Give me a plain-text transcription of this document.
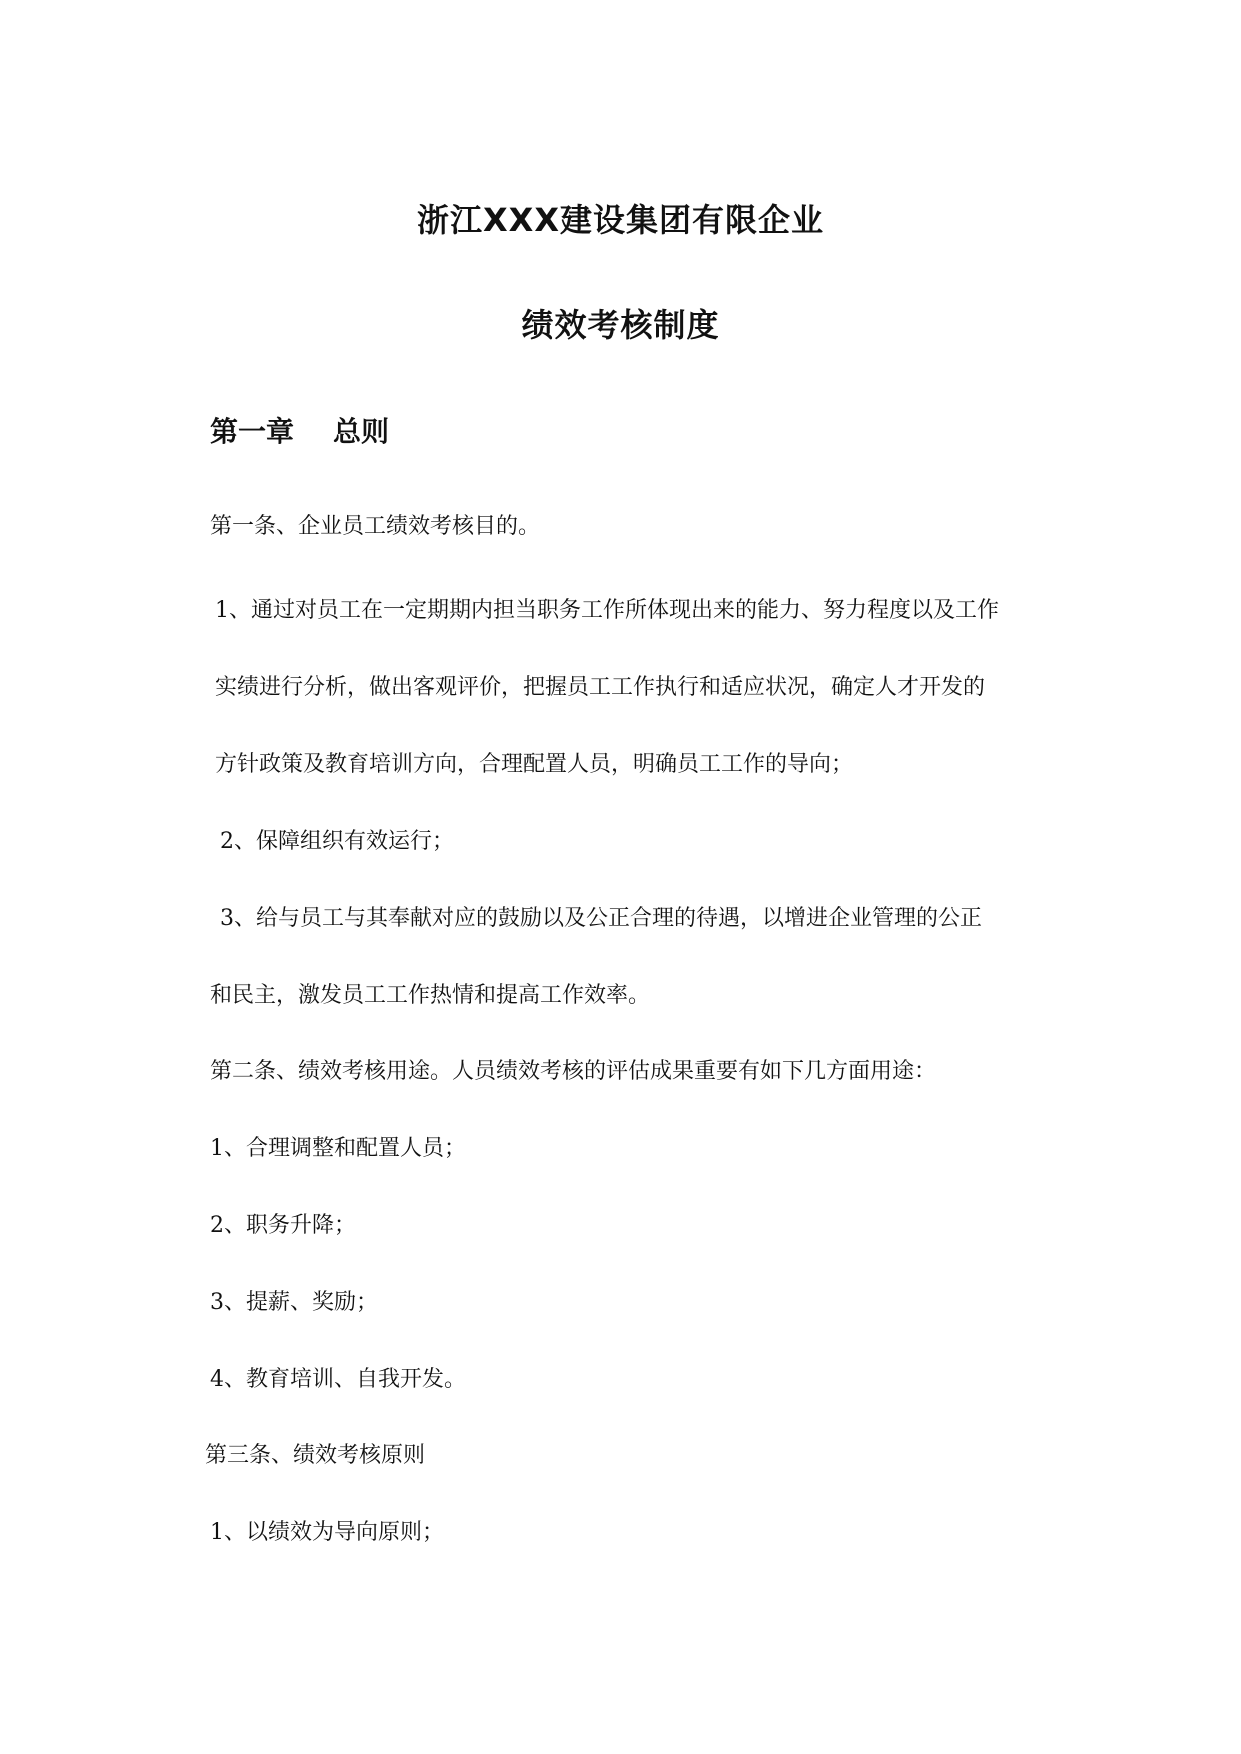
浙江XXX建设集团有限企业
绩效考核制度
第一章    总则
第一条、企业员工绩效考核目的。
1、通过对员工在一定期期内担当职务工作所体现出来的能力、努力程度以及工作
实绩进行分析，做出客观评价，把握员工工作执行和适应状况，确定人才开发的
方针政策及教育培训方向，合理配置人员，明确员工工作的导向；
2、保障组织有效运行；
3、给与员工与其奉献对应的鼓励以及公正合理的待遇，以增进企业管理的公正
和民主，激发员工工作热情和提高工作效率。
第二条、绩效考核用途。人员绩效考核的评估成果重要有如下几方面用途：
1、合理调整和配置人员；
2、职务升降；
3、提薪、奖励；
4、教育培训、自我开发。
第三条、绩效考核原则
1、以绩效为导向原则；
